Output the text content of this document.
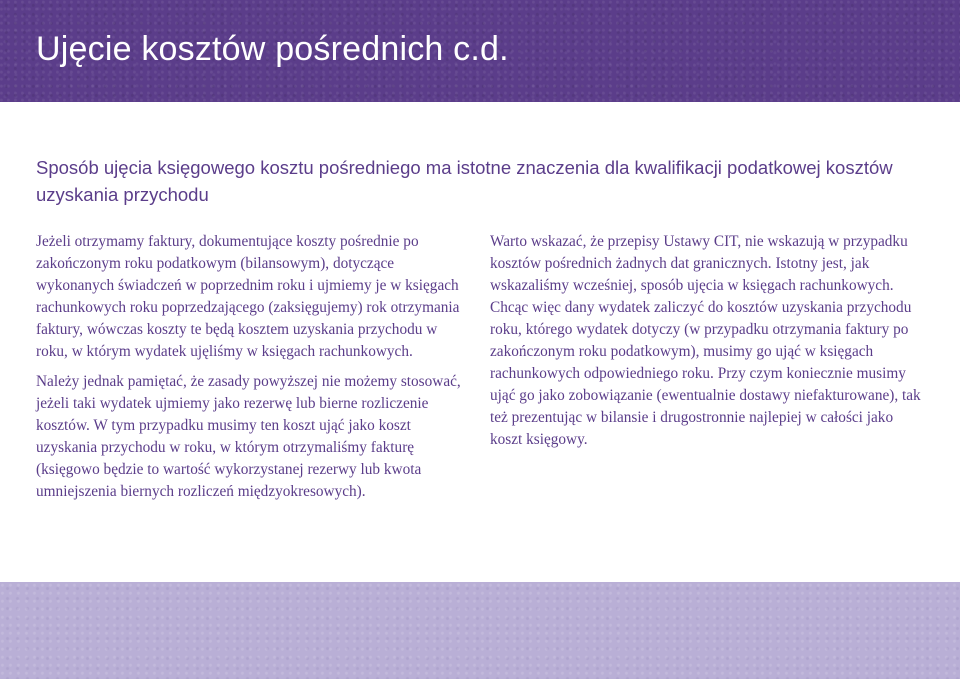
Ujęcie kosztów pośrednich c.d.
Sposób ujęcia księgowego kosztu pośredniego ma istotne znaczenia dla kwalifikacji podatkowej kosztów uzyskania przychodu

Jeżeli otrzymamy faktury, dokumentujące koszty pośrednie po zakończonym roku podatkowym (bilansowym), dotyczące wykonanych świadczeń w poprzednim roku i ujmiemy je w księgach rachunkowych roku poprzedzającego (zaksięgujemy) rok otrzymania faktury, wówczas koszty te będą kosztem uzyskania przychodu w roku, w którym wydatek ujęliśmy w księgach rachunkowych.

Należy jednak pamiętać, że zasady powyższej nie możemy stosować, jeżeli taki wydatek ujmiemy jako rezerwę lub bierne rozliczenie kosztów. W tym przypadku musimy ten koszt ująć jako koszt uzyskania przychodu w roku, w którym otrzymaliśmy fakturę (księgowo będzie to wartość wykorzystanej rezerwy lub kwota umniejszenia biernych rozliczeń międzyokresowych).

Warto wskazać, że przepisy Ustawy CIT, nie wskazują w przypadku kosztów pośrednich żadnych dat granicznych. Istotny jest, jak wskazaliśmy wcześniej, sposób ujęcia w księgach rachunkowych. Chcąc więc dany wydatek zaliczyć do kosztów uzyskania przychodu roku, którego wydatek dotyczy (w przypadku otrzymania faktury po zakończonym roku podatkowym), musimy go ująć w księgach rachunkowych odpowiedniego roku. Przy czym koniecznie musimy ująć go jako zobowiązanie (ewentualnie dostawy niefakturowane), tak też prezentując w bilansie i drugostronnie najlepiej w całości jako koszt księgowy.
